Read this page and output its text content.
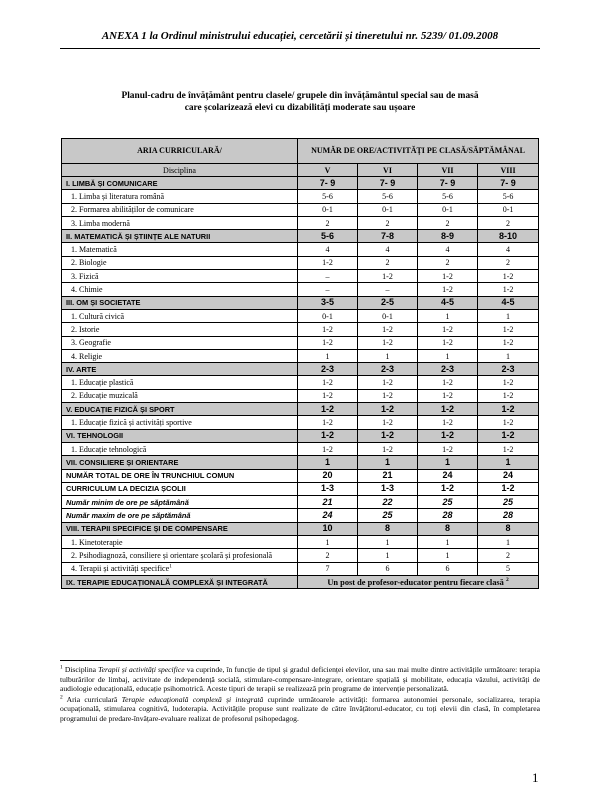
ANEXA 1 la Ordinul ministrului educației, cercetării și tineretului nr. 5239/ 01.09.2008
Planul-cadru de învățământ pentru clasele/ grupele din învățământul special sau de masă
care școlarizează elevi cu dizabilități moderate sau ușoare
ARIA CURRICULARĂ/	NUMĂR DE ORE/ACTIVITĂȚI PE CLASĂ/SĂPTĂMÂNAL			
Disciplina	V	VI	VII	VIII
I. LIMBĂ ȘI COMUNICARE	7- 9	7- 9	7- 9	7- 9
1. Limba și literatura română	5-6	5-6	5-6	5-6
2. Formarea abilităților de comunicare	0-1	0-1	0-1	0-1
3. Limba modernă	2	2	2	2
II. MATEMATICĂ ȘI ȘTIINȚE ALE NATURII	5-6	7-8	8-9	8-10
1. Matematică	4	4	4	4
2. Biologie	1-2	2	2	2
3. Fizică	–	1-2	1-2	1-2
4. Chimie	–	–	1-2	1-2
III. OM ȘI SOCIETATE	3-5	2-5	4-5	4-5
1. Cultură civică	0-1	0-1	1	1
2. Istorie	1-2	1-2	1-2	1-2
3. Geografie	1-2	1-2	1-2	1-2
4. Religie	1	1	1	1
IV. ARTE	2-3	2-3	2-3	2-3
1. Educație plastică	1-2	1-2	1-2	1-2
2. Educație muzicală	1-2	1-2	1-2	1-2
V. EDUCAȚIE FIZICĂ ȘI SPORT	1-2	1-2	1-2	1-2
1. Educație fizică și activități sportive	1-2	1-2	1-2	1-2
VI. TEHNOLOGII	1-2	1-2	1-2	1-2
1. Educație tehnologică	1-2	1-2	1-2	1-2
VII. CONSILIERE ȘI ORIENTARE	1	1	1	1
NUMĂR TOTAL DE ORE ÎN TRUNCHIUL COMUN	20	21	24	24
CURRICULUM LA DECIZIA ȘCOLII	1-3	1-3	1-2	1-2
Număr minim de ore pe săptămână	21	22	25	25
Număr maxim de ore pe săptămână	24	25	28	28
VIII. TERAPII SPECIFICE ȘI DE COMPENSARE	10	8	8	8
1. Kinetoterapie	1	1	1	1
2. Psihodiagnoză, consiliere și orientare școlară și profesională	2	1	1	2
4. Terapii și activități specifice$^1$	7	6	6	5
IX. TERAPIE EDUCAȚIONALĂ COMPLEXĂ ȘI INTEGRATĂ	Un post de profesor-educator pentru fiecare clasă $^2$

$^1$ Disciplina Terapii și activități specifice va cuprinde, în funcție de tipul și gradul deficienței elevilor, una sau mai multe dintre activitățile următoare: terapia tulburărilor de limbaj, activitate de independență socială, stimulare-compensare-integrare, orientare spațială și mobilitate, educația văzului, activități de audiologie educațională, educație psihomotrică. Aceste tipuri de terapii se realizează prin programe de intervenție personalizată.

$^2$ Aria curriculară Terapie educațională complexă și integrată cuprinde următoarele activități: formarea autonomiei personale, socializarea, terapia ocupațională, stimularea cognitivă, ludoterapia. Activitățile propuse sunt realizate de către învățătorul-educator, cu toți elevii din clasă, în completarea programului de predare-învățare-evaluare realizat de profesorul psihopedagog.

1
